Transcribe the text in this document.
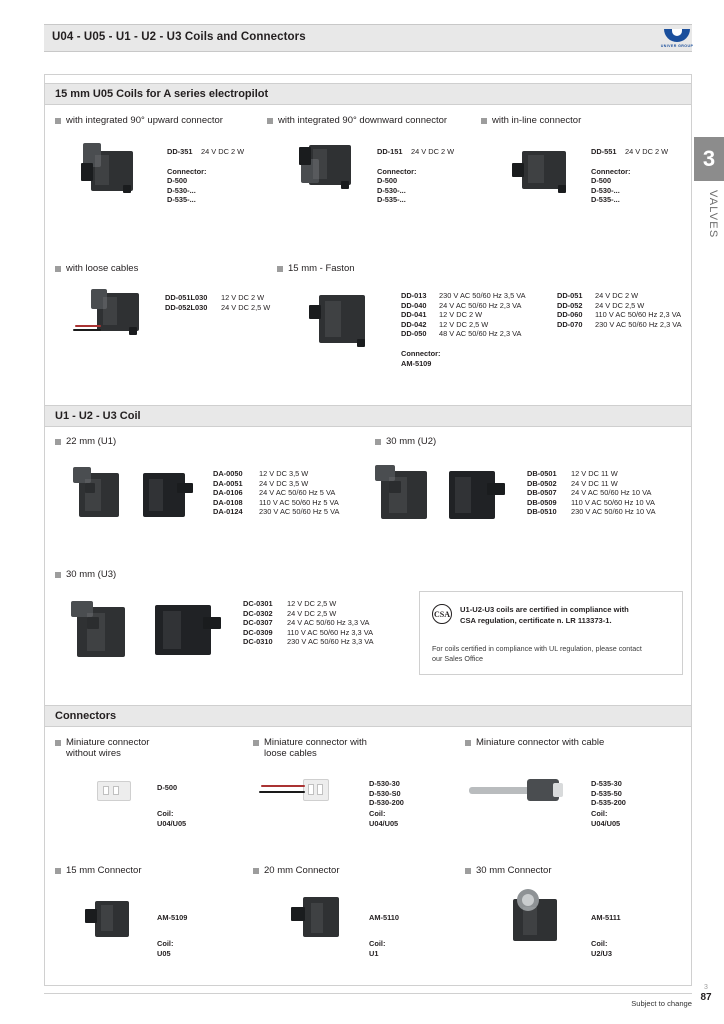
U04 - U05 - U1 - U2 - U3 Coils and Connectors
UNIVER GROUP
3
VALVES
15 mm U05 Coils for A series electropilot
with integrated 90° upward connector	with integrated 90° downward connector	with in-line connector
DD-351 24 V DC 2 W
Connector:
D-500
D-530-...
D-535-...
DD-151 24 V DC 2 W
Connector:
D-500
D-530-...
D-535-...
DD-551 24 V DC 2 W
Connector:
D-500
D-530-...
D-535-...
with loose cables	15 mm - Faston
DD-051L030 12 V DC 2 W
DD-052L030 24 V DC 2,5 W
DD-013 230 V AC 50/60 Hz 3,5 VA
DD-040 24 V AC 50/60 Hz 2,3 VA
DD-041 12 V DC 2 W
DD-042 12 V DC 2,5 W
DD-050 48 V AC 50/60 Hz 2,3 VA
Connector:
AM-5109
DD-051 24 V DC 2 W
DD-052 24 V DC 2,5 W
DD-060 110 V AC 50/60 Hz 2,3 VA
DD-070 230 V AC 50/60 Hz 2,3 VA
U1 - U2 - U3 Coil
22 mm (U1)	30 mm (U2)
DA-0050 12 V DC 3,5 W
DA-0051 24 V DC 3,5 W
DA-0106 24 V AC 50/60 Hz 5 VA
DA-0108 110 V AC 50/60 Hz 5 VA
DA-0124 230 V AC 50/60 Hz 5 VA
DB-0501 12 V DC 11 W
DB-0502 24 V DC 11 W
DB-0507 24 V AC 50/60 Hz 10 VA
DB-0509 110 V AC 50/60 Hz 10 VA
DB-0510 230 V AC 50/60 Hz 10 VA
30 mm (U3)
DC-0301 12 V DC 2,5 W
DC-0302 24 V DC 2,5 W
DC-0307 24 V AC 50/60 Hz 3,3 VA
DC-0309 110 V AC 50/60 Hz 3,3 VA
DC-0310 230 V AC 50/60 Hz 3,3 VA
CSA U1-U2-U3 coils are certified in compliance with
CSA regulation, certificate n. LR 113373-1.
For coils certified in compliance with UL regulation, please contact
our Sales Office
Connectors
Miniature connector
without wires
Miniature connector with
loose cables
Miniature connector with cable
D-500
Coil:
U04/U05
D-530-30
D-530-S0
D-530-200
Coil:
U04/U05
D-535-30
D-535-50
D-535-200
Coil:
U04/U05
15 mm Connector	20 mm Connector	30 mm Connector
AM-5109
Coil:
U05
AM-5110
Coil:
U1
AM-5111
Coil:
U2/U3
Subject to change
3
87
